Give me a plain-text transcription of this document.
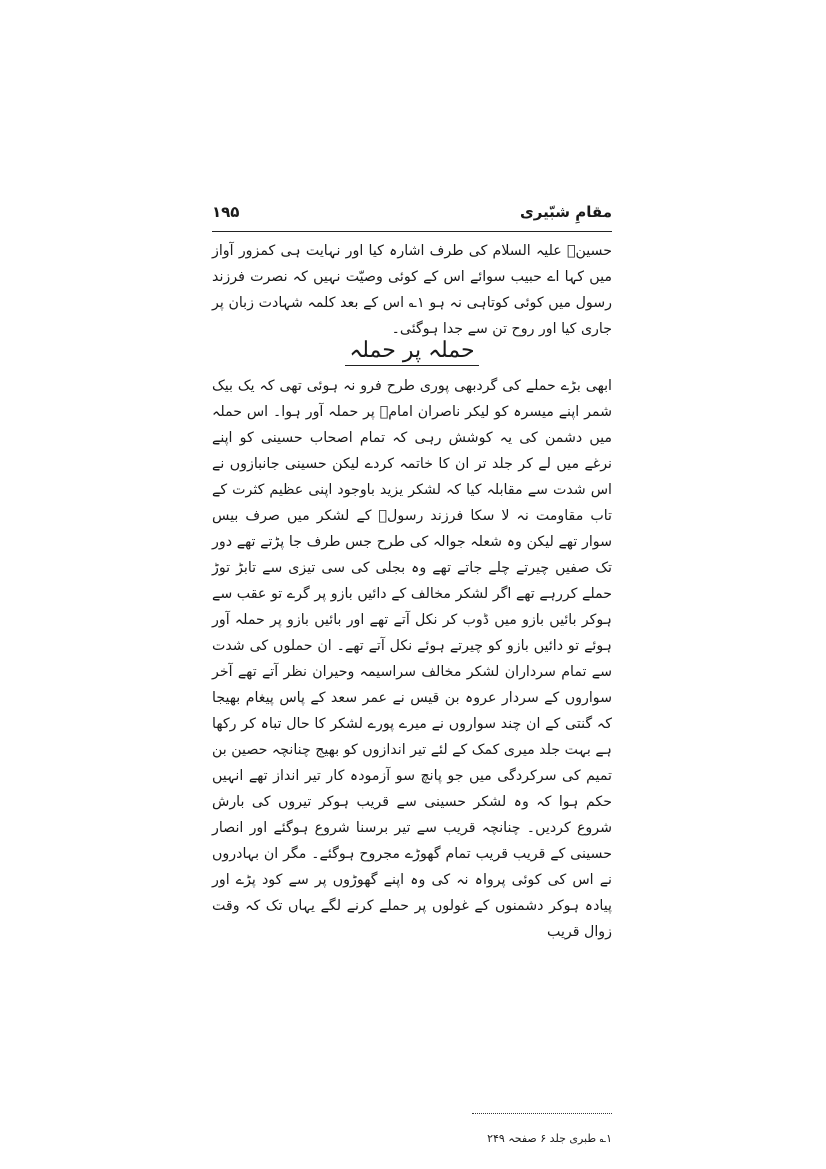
مقامِ شبّیری
۱۹۵
حسینؑ علیہ السلام کی طرف اشارہ کیا اور نہایت ہی کمزور آواز میں کہا اے حبیب سوائے اس کے کوئی وصیّت نہیں کہ نصرت فرزند رسول میں کوئی کوتاہی نہ ہو ۱؎ اس کے بعد کلمہ شہادت زبان پر جاری کیا اور روح تن سے جدا ہوگئی۔
حملہ پر حملہ
ابھی بڑے حملے کی گردبھی پوری طرح فرو نہ ہوئی تھی کہ یک بیک شمر اپنے میسرہ کو لیکر ناصران امامؑ پر حملہ آور ہوا۔ اس حملہ میں دشمن کی یہ کوشش رہی کہ تمام اصحاب حسینی کو اپنے نرغے میں لے کر جلد تر ان کا خاتمہ کردے لیکن حسینی جانبازوں نے اس شدت سے مقابلہ کیا کہ لشکر یزید باوجود اپنی عظیم کثرت کے تاب مقاومت نہ لا سکا فرزند رسولؐ کے لشکر میں صرف بیس سوار تھے لیکن وہ شعلہ جوالہ کی طرح جس طرف جا پڑتے تھے دور تک صفیں چیرتے چلے جاتے تھے وہ بجلی کی سی تیزی سے تابڑ توڑ حملے کررہے تھے اگر لشکر مخالف کے دائیں بازو پر گرے تو عقب سے ہوکر بائیں بازو میں ڈوب کر نکل آتے تھے اور بائیں بازو پر حملہ آور ہوئے تو دائیں بازو کو چیرتے ہوئے نکل آتے تھے۔ ان حملوں کی شدت سے تمام سرداران لشکر مخالف سراسیمہ وحیران نظر آتے تھے آخر سواروں کے سردار عروہ بن قیس نے عمر سعد کے پاس پیغام بھیجا کہ گنتی کے ان چند سواروں نے میرے پورے لشکر کا حال تباہ کر رکھا ہے بہت جلد میری کمک کے لئے تیر اندازوں کو بھیج چنانچہ حصین بن تمیم کی سرکردگی میں جو پانچ سو آزمودہ کار تیر انداز تھے انہیں حکم ہوا کہ وہ لشکر حسینی سے قریب ہوکر تیروں کی بارش شروع کردیں۔ چنانچہ قریب سے تیر برسنا شروع ہوگئے اور انصار حسینی کے قریب قریب تمام گھوڑے مجروح ہوگئے۔ مگر ان بہادروں نے اس کی کوئی پرواہ نہ کی وہ اپنے گھوڑوں پر سے کود پڑے اور پیادہ ہوکر دشمنوں کے غولوں پر حملے کرنے لگے یہاں تک کہ وقت زوال قریب
۱؎ طبری جلد ۶ صفحہ ۲۴۹
